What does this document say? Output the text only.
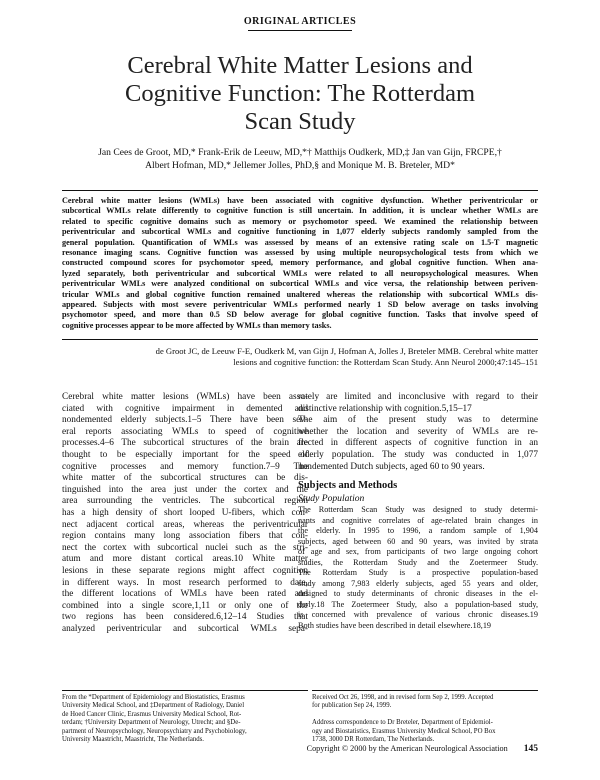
ORIGINAL ARTICLES
Cerebral White Matter Lesions and
Cognitive Function: The Rotterdam
Scan Study
Jan Cees de Groot, MD,* Frank-Erik de Leeuw, MD,*† Matthijs Oudkerk, MD,‡ Jan van Gijn, FRCPE,†
Albert Hofman, MD,* Jellemer Jolles, PhD,§ and Monique M. B. Breteler, MD*
Cerebral white matter lesions (WMLs) have been associated with cognitive dysfunction. Whether periventricular or
subcortical WMLs relate differently to cognitive function is still uncertain. In addition, it is unclear whether WMLs are
related to specific cognitive domains such as memory or psychomotor speed. We examined the relationship between
periventricular and subcortical WMLs and cognitive functioning in 1,077 elderly subjects randomly sampled from the
general population. Quantification of WMLs was assessed by means of an extensive rating scale on 1.5-T magnetic
resonance imaging scans. Cognitive function was assessed by using multiple neuropsychological tests from which we
constructed compound scores for psychomotor speed, memory performance, and global cognitive function. When ana-
lyzed separately, both periventricular and subcortical WMLs were related to all neuropsychological measures. When
periventricular WMLs were analyzed conditional on subcortical WMLs and vice versa, the relationship between periven-
tricular WMLs and global cognitive function remained unaltered whereas the relationship with subcortical WMLs dis-
appeared. Subjects with most severe periventricular WMLs performed nearly 1 SD below average on tasks involving
psychomotor speed, and more than 0.5 SD below average for global cognitive function. Tasks that involve speed of
cognitive processes appear to be more affected by WMLs than memory tasks.
de Groot JC, de Leeuw F-E, Oudkerk M, van Gijn J, Hofman A, Jolles J, Breteler MMB. Cerebral white matter
lesions and cognitive function: the Rotterdam Scan Study. Ann Neurol 2000;47:145–151

Cerebral white matter lesions (WMLs) have been asso-
ciated with cognitive impairment in demented and
nondemented elderly subjects.1–5 There have been sev-
eral reports associating WMLs to speed of cognitive
processes.4–6 The subcortical structures of the brain are
thought to be especially important for the speed of
cognitive processes and memory function.7–9 The
white matter of the subcortical structures can be dis-
tinguished into the area just under the cortex and the
area surrounding the ventricles. The subcortical region
has a high density of short looped U-fibers, which con-
nect adjacent cortical areas, whereas the periventricular
region contains many long association fibers that con-
nect the cortex with subcortical nuclei such as the stri-
atum and more distant cortical areas.10 White matter
lesions in these separate regions might affect cognition
in different ways. In most research performed to date,
the different locations of WMLs have been rated and
combined into a single score,1,11 or only one of the
two regions has been considered.6,12–14 Studies that
analyzed periventricular and subcortical WMLs sepa-

rately are limited and inconclusive with regard to their
distinctive relationship with cognition.5,15–17
The aim of the present study was to determine
whether the location and severity of WMLs are re-
flected in different aspects of cognitive function in an
elderly population. The study was conducted in 1,077
nondemented Dutch subjects, aged 60 to 90 years.

Subjects and Methods
Study Population

The Rotterdam Scan Study was designed to study determi-
nants and cognitive correlates of age-related brain changes in
the elderly. In 1995 to 1996, a random sample of 1,904
subjects, aged between 60 and 90 years, was invited by strata
of age and sex, from participants of two large ongoing cohort
studies, the Rotterdam Study and the Zoetermeer Study.
The Rotterdam Study is a prospective population-based
study among 7,983 elderly subjects, aged 55 years and older,
designed to study determinants of chronic diseases in the el-
derly.18 The Zoetermeer Study, also a population-based study,
is concerned with prevalence of various chronic diseases.19
Both studies have been described in detail elsewhere.18,19

From the *Department of Epidemiology and Biostatistics, Erasmus
University Medical School, and ‡Department of Radiology, Daniel
de Hoed Cancer Clinic, Erasmus University Medical School, Rot-
terdam; †University Department of Neurology, Utrecht; and §De-
partment of Neuropsychology, Neuropsychiatry and Psychobiology,
University Maastricht, Maastricht, The Netherlands.
Received Oct 26, 1998, and in revised form Sep 2, 1999. Accepted
for publication Sep 24, 1999.

Address correspondence to Dr Breteler, Department of Epidemiol-
ogy and Biostatistics, Erasmus University Medical School, PO Box
1738, 3000 DR Rotterdam, The Netherlands.
Copyright © 2000 by the American Neurological Association 145
